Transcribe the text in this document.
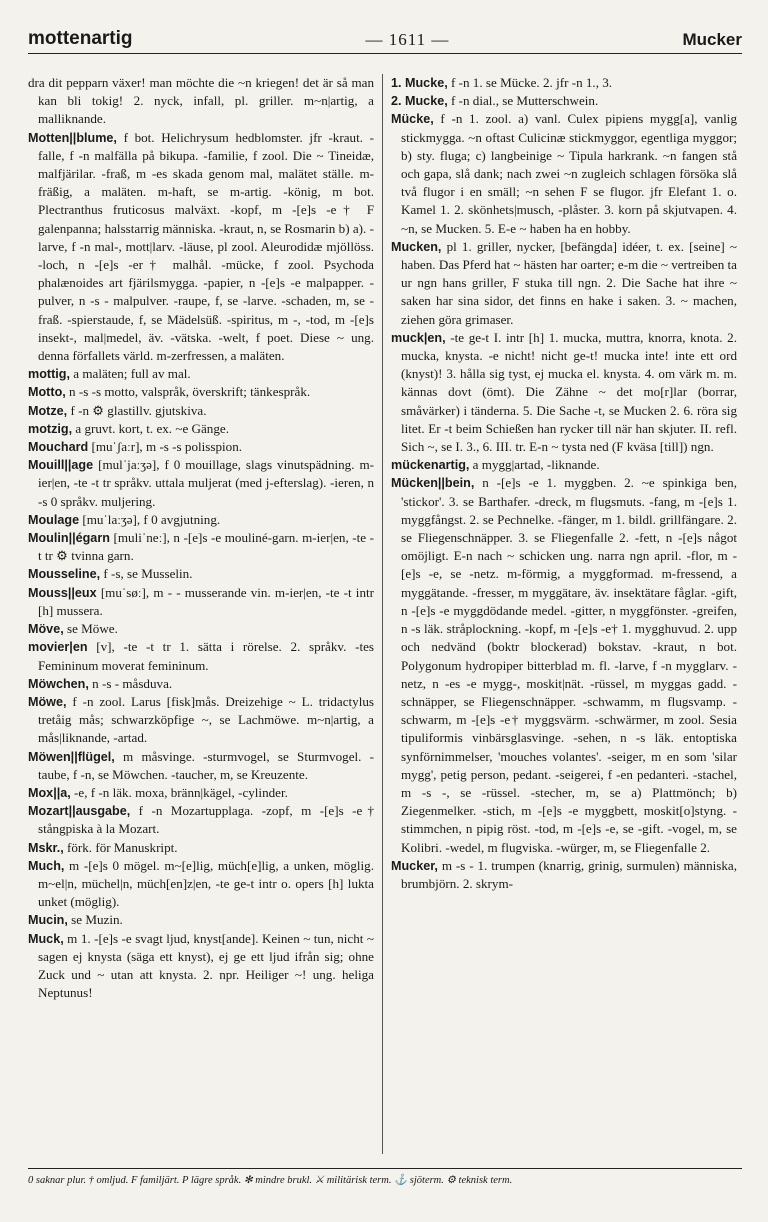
mottenartig	— 1611 —	Mucker

dra dit pepparn växer! man möchte die ~n kriegen! det är så man kan bli tokig! 2. nyck, infall, pl. griller. m~n|artig, a malliknande.

Motten||blume, f bot. Helichrysum hedblomster. jfr -kraut. -falle, f -n malfälla på bikupa. -familie, f zool. Die ~ Tineidæ, malfjärilar. -fraß, m -es skada genom mal, malätet ställe. m-fräßig, a maläten. m-haft, se m-artig. -könig, m bot. Plectranthus fruticosus malväxt. -kopf, m -[e]s -e† F galenpanna; halsstarrig människa. -kraut, n, se Rosmarin b) a). -larve, f -n mal-, mott|larv. -läuse, pl zool. Aleurodidæ mjöllöss. -loch, n -[e]s -er† malhål. -mücke, f zool. Psychoda phalænoides art fjärilsmygga. -papier, n -[e]s -e malpapper. -pulver, n -s - malpulver. -raupe, f, se -larve. -schaden, m, se -fraß. -spierstaude, f, se Mädelsüß. -spiritus, m -, -tod, m -[e]s insekt-, mal|medel, äv. -vätska. -welt, f poet. Diese ~ ung. denna förfallets värld. m-zerfressen, a maläten.

mottig, a maläten; full av mal.

Motto, n -s -s motto, valspråk, överskrift; tänkespråk.

Motze, f -n ⚙ glastillv. gjutskiva.

motzig, a gruvt. kort, t. ex. ~e Gänge.

Mouchard [muˈʃaːr], m -s -s polisspion.

Mouill||age [mulˈjaːʒə], f 0 mouillage, slags vinutspädning. m-ier|en, -te -t tr språkv. uttala muljerat (med j-efterslag). -ieren, n -s 0 språkv. muljering.

Moulage [muˈlaːʒə], f 0 avgjutning.

Moulin||égarn [muliˈneː], n -[e]s -e mouliné-garn. m-ier|en, -te -t tr ⚙ tvinna garn.

Mousseline, f -s, se Musselin.

Mouss||eux [muˈsøː], m - - musserande vin. m-ier|en, -te -t intr [h] mussera.

Möve, se Möwe.

movier|en [v], -te -t tr 1. sätta i rörelse. 2. språkv. -tes Femininum moverat femininum.

Möwchen, n -s - måsduva.

Möwe, f -n zool. Larus [fisk]mås. Dreizehige ~ L. tridactylus tretåig mås; schwarzköpfige ~, se Lachmöwe. m~n|artig, a mås|liknande, -artad.

Möwen||flügel, m måsvinge. -sturmvogel, se Sturmvogel. -taube, f -n, se Möwchen. -taucher, m, se Kreuzente.

Mox||a, -e, f -n läk. moxa, bränn|kägel, -cylinder.

Mozart||ausgabe, f -n Mozartupplaga. -zopf, m -[e]s -e† stångpiska à la Mozart.

Mskr., förk. för Manuskript.

Much, m -[e]s 0 mögel. m~[e]lig, müch[e]lig, a unken, möglig. m~el|n, müchel|n, müch[en]z|en, -te ge-t intr o. opers [h] lukta unket (möglig).

Mucin, se Muzin.

Muck, m 1. -[e]s -e svagt ljud, knyst[ande]. Keinen ~ tun, nicht ~ sagen ej knysta (säga ett knyst), ej ge ett ljud ifrån sig; ohne Zuck und ~ utan att knysta. 2. npr. Heiliger ~! ung. heliga Neptunus!

1. Mucke, f -n 1. se Mücke. 2. jfr -n 1., 3.

2. Mucke, f -n dial., se Mutterschwein.

Mücke, f -n 1. zool. a) vanl. Culex pipiens mygg[a], vanlig stickmygga. ~n oftast Culicinæ stickmyggor, egentliga myggor; b) sty. fluga; c) langbeinige ~ Tipula harkrank. ~n fangen stå och gapa, slå dank; nach zwei ~n zugleich schlagen försöka slå två flugor i en smäll; ~n sehen F se flugor. jfr Elefant 1. o. Kamel 1. 2. skönhets|musch, -plåster. 3. korn på skjutvapen. 4. ~n, se Mucken. 5. E-e ~ haben ha en hobby.

Mucken, pl 1. griller, nycker, [befängda] idéer, t. ex. [seine] ~ haben. Das Pferd hat ~ hästen har oarter; e-m die ~ vertreiben ta ur ngn hans griller, F stuka till ngn. 2. Die Sache hat ihre ~ saken har sina sidor, det finns en hake i saken. 3. ~ machen, ziehen göra grimaser.

muck|en, -te ge-t I. intr [h] 1. mucka, muttra, knorra, knota. 2. mucka, knysta. -e nicht! nicht ge-t! mucka inte! inte ett ord (knyst)! 3. hålla sig tyst, ej mucka el. knysta. 4. om värk m. m. kännas dovt (ömt). Die Zähne ~ det mo[r]lar (borrar, småvärker) i tänderna. 5. Die Sache -t, se Mucken 2. 6. röra sig litet. Er -t beim Schießen han rycker till när han skjuter. II. refl. Sich ~, se I. 3., 6. III. tr. E-n ~ tysta ned (F kväsa [till]) ngn.

mückenartig, a mygg|artad, -liknande.

Mücken||bein, n -[e]s -e 1. myggben. 2. ~e spinkiga ben, 'stickor'. 3. se Barthafer. -dreck, m flugsmuts. -fang, m -[e]s 1. myggfångst. 2. se Pechnelke. -fänger, m 1. bildl. grillfängare. 2. se Fliegenschnäpper. 3. se Fliegenfalle 2. -fett, n -[e]s något omöjligt. E-n nach ~ schicken ung. narra ngn april. -flor, m -[e]s -e, se -netz. m-förmig, a myggformad. m-fressend, a myggätande. -fresser, m myggätare, äv. insektätare fåglar. -gift, n -[e]s -e myggdödande medel. -gitter, n myggfönster. -greifen, n -s läk. stråplockning. -kopf, m -[e]s -e† 1. mygghuvud. 2. upp och nedvänd (boktr blockerad) bokstav. -kraut, n bot. Polygonum hydropiper bitterblad m. fl. -larve, f -n mygglarv. -netz, n -es -e mygg-, moskit|nät. -rüssel, m myggas gadd. -schnäpper, se Fliegenschnäpper. -schwamm, m flugsvamp. -schwarm, m -[e]s -e† myggsvärm. -schwärmer, m zool. Sesia tipuliformis vinbärsglasvinge. -sehen, n -s läk. entoptiska synförnimmelser, 'mouches volantes'. -seiger, m en som 'silar mygg', petig person, pedant. -seigerei, f -en pedanteri. -stachel, m -s -, se -rüssel. -stecher, m, se a) Plattmönch; b) Ziegenmelker. -stich, m -[e]s -e myggbett, moskit[o]styng. -stimmchen, n pipig röst. -tod, m -[e]s -e, se -gift. -vogel, m, se Kolibri. -wedel, m flugviska. -würger, m, se Fliegenfalle 2.

Mucker, m -s - 1. trumpen (knarrig, grinig, surmulen) människa, brumbjörn. 2. skrym-

0 saknar plur. † omljud. F familjärt. P lägre språk. ✻ mindre brukl. ⚔ militärisk term. ⚓ sjöterm. ⚙ teknisk term.
